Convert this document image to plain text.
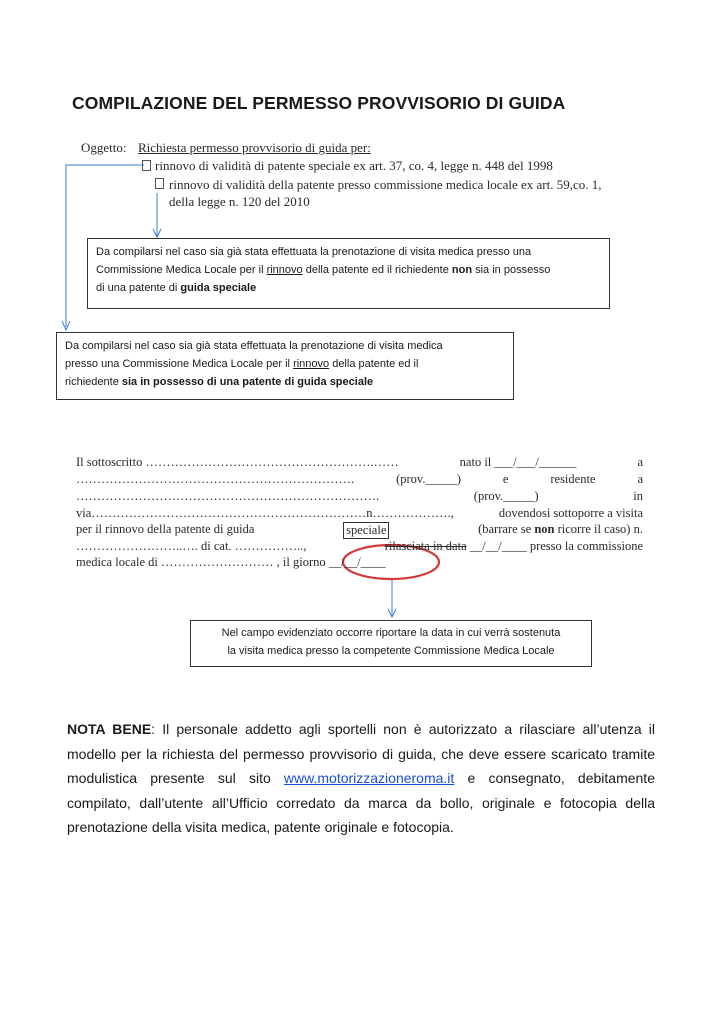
COMPILAZIONE DEL PERMESSO PROVVISORIO DI GUIDA
Oggetto: Richiesta permesso provvisorio di guida per:
rinnovo di validità di patente speciale ex art. 37, co. 4, legge n. 448 del 1998
rinnovo di validità della patente presso commissione medica locale ex art. 59,co. 1,
della legge n. 120 del 2010
Da compilarsi nel caso sia già stata effettuata la prenotazione di visita medica presso una
Commissione Medica Locale per il rinnovo della patente ed il richiedente non sia in possesso
di una patente di guida speciale
Da compilarsi nel caso sia già stata effettuata la prenotazione di visita medica
presso una Commissione Medica Locale per il rinnovo della patente ed il
richiedente sia in possesso di una patente di guida speciale
Il sottoscritto ……………………………………………….……	nato il ___/___/______	a
………………………………………………………….	(prov._____)	e	residente	a
……………………………………………………………….	(prov._____)	in
via…………………………………………………………n……………….,	dovendosi sottoporre a visita
per il rinnovo della patente di guida	speciale	(barrare se non ricorre il caso) n.
……………………..…. di cat. ……………..,	rilasciata in data __/__/____ presso la commissione
medica locale di ……………………… , il giorno __/__/____
Nel campo evidenziato occorre riportare la data in cui verrà sostenuta
la visita medica presso la competente Commissione Medica Locale
NOTA BENE: Il personale addetto agli sportelli non è autorizzato a rilasciare all’utenza il modello per la richiesta del permesso provvisorio di guida, che deve essere scaricato tramite modulistica presente sul sito www.motorizzazioneroma.it e consegnato, debitamente compilato, dall’utente all’Ufficio corredato da marca da bollo, originale e fotocopia della prenotazione della visita medica, patente originale e fotocopia.
